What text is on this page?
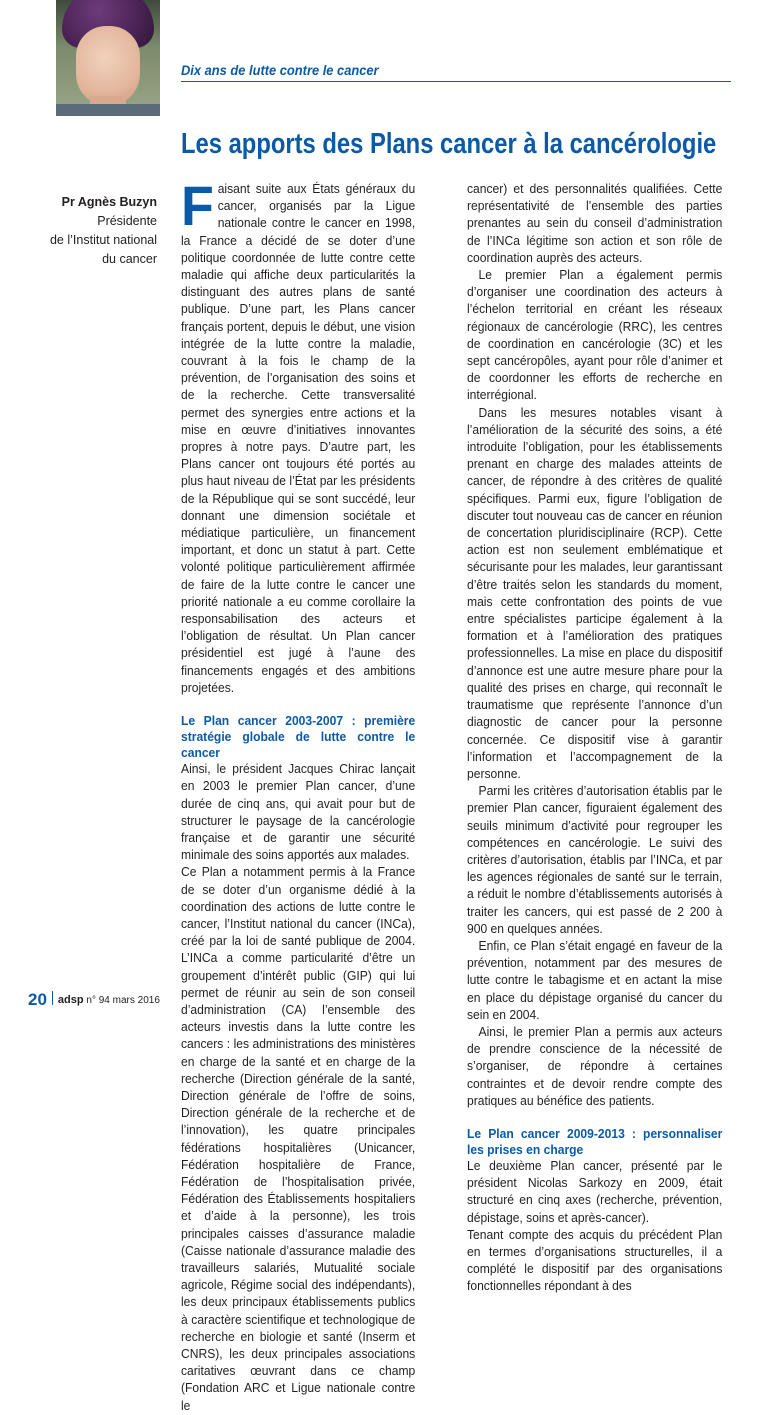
Dix ans de lutte contre le cancer
Les apports des Plans cancer à la cancérologie
Pr Agnès Buzyn
Présidente
de l’Institut national
du cancer

Faisant suite aux États généraux du cancer, organisés par la Ligue nationale contre le cancer en 1998, la France a décidé de se doter d’une politique coordonnée de lutte contre cette maladie qui affiche deux particularités la distinguant des autres plans de santé publique. D’une part, les Plans cancer français portent, depuis le début, une vision intégrée de la lutte contre la maladie, couvrant à la fois le champ de la prévention, de l’organisation des soins et de la recherche. Cette transversalité permet des synergies entre actions et la mise en œuvre d’initiatives innovantes propres à notre pays. D’autre part, les Plans cancer ont toujours été portés au plus haut niveau de l’État par les présidents de la République qui se sont succédé, leur donnant une dimension sociétale et médiatique particulière, un financement important, et donc un statut à part. Cette volonté politique particulièrement affirmée de faire de la lutte contre le cancer une priorité nationale a eu comme corollaire la responsabilisation des acteurs et l’obligation de résultat. Un Plan cancer présidentiel est jugé à l’aune des financements engagés et des ambitions projetées.

Le Plan cancer 2003-2007 : première stratégie globale de lutte contre le cancer

Ainsi, le président Jacques Chirac lançait en 2003 le premier Plan cancer, d’une durée de cinq ans, qui avait pour but de structurer le paysage de la cancérologie française et de garantir une sécurité minimale des soins apportés aux malades.

Ce Plan a notamment permis à la France de se doter d’un organisme dédié à la coordination des actions de lutte contre le cancer, l’Institut national du cancer (INCa), créé par la loi de santé publique de 2004. L’INCa a comme particularité d’être un groupement d’intérêt public (GIP) qui lui permet de réunir au sein de son conseil d’administration (CA) l’ensemble des acteurs investis dans la lutte contre les cancers : les administrations des ministères en charge de la santé et en charge de la recherche (Direction générale de la santé, Direction générale de l’offre de soins, Direction générale de la recherche et de l’innovation), les quatre principales fédérations hospitalières (Unicancer, Fédération hospitalière de France, Fédération de l’hospitalisation privée, Fédération des Établissements hospitaliers et d’aide à la personne), les trois principales caisses d’assurance maladie (Caisse nationale d’assurance maladie des travailleurs salariés, Mutualité sociale agricole, Régime social des indépendants), les deux principaux établissements publics à caractère scientifique et technologique de recherche en biologie et santé (Inserm et CNRS), les deux principales associations caritatives œuvrant dans ce champ (Fondation ARC et Ligue nationale contre le

cancer) et des personnalités qualifiées. Cette représentativité de l’ensemble des parties prenantes au sein du conseil d’administration de l’INCa légitime son action et son rôle de coordination auprès des acteurs.

Le premier Plan a également permis d’organiser une coordination des acteurs à l’échelon territorial en créant les réseaux régionaux de cancérologie (RRC), les centres de coordination en cancérologie (3C) et les sept cancéropôles, ayant pour rôle d’animer et de coordonner les efforts de recherche en interrégional.

Dans les mesures notables visant à l’amélioration de la sécurité des soins, a été introduite l’obligation, pour les établissements prenant en charge des malades atteints de cancer, de répondre à des critères de qualité spécifiques. Parmi eux, figure l’obligation de discuter tout nouveau cas de cancer en réunion de concertation pluridisciplinaire (RCP). Cette action est non seulement emblématique et sécurisante pour les malades, leur garantissant d’être traités selon les standards du moment, mais cette confrontation des points de vue entre spécialistes participe également à la formation et à l’amélioration des pratiques professionnelles. La mise en place du dispositif d’annonce est une autre mesure phare pour la qualité des prises en charge, qui reconnaît le traumatisme que représente l’annonce d’un diagnostic de cancer pour la personne concernée. Ce dispositif vise à garantir l’information et l’accompagnement de la personne.

Parmi les critères d’autorisation établis par le premier Plan cancer, figuraient également des seuils minimum d’activité pour regrouper les compétences en cancérologie. Le suivi des critères d’autorisation, établis par l’INCa, et par les agences régionales de santé sur le terrain, a réduit le nombre d’établissements autorisés à traiter les cancers, qui est passé de 2 200 à 900 en quelques années.

Enfin, ce Plan s’était engagé en faveur de la prévention, notamment par des mesures de lutte contre le tabagisme et en actant la mise en place du dépistage organisé du cancer du sein en 2004.

Ainsi, le premier Plan a permis aux acteurs de prendre conscience de la nécessité de s’organiser, de répondre à certaines contraintes et de devoir rendre compte des pratiques au bénéfice des patients.

Le Plan cancer 2009-2013 : personnaliser les prises en charge

Le deuxième Plan cancer, présenté par le président Nicolas Sarkozy en 2009, était structuré en cinq axes (recherche, prévention, dépistage, soins et après-cancer).

Tenant compte des acquis du précédent Plan en termes d’organisations structurelles, il a complété le dispositif par des organisations fonctionnelles répondant à des

20 adsp n° 94 mars 2016
